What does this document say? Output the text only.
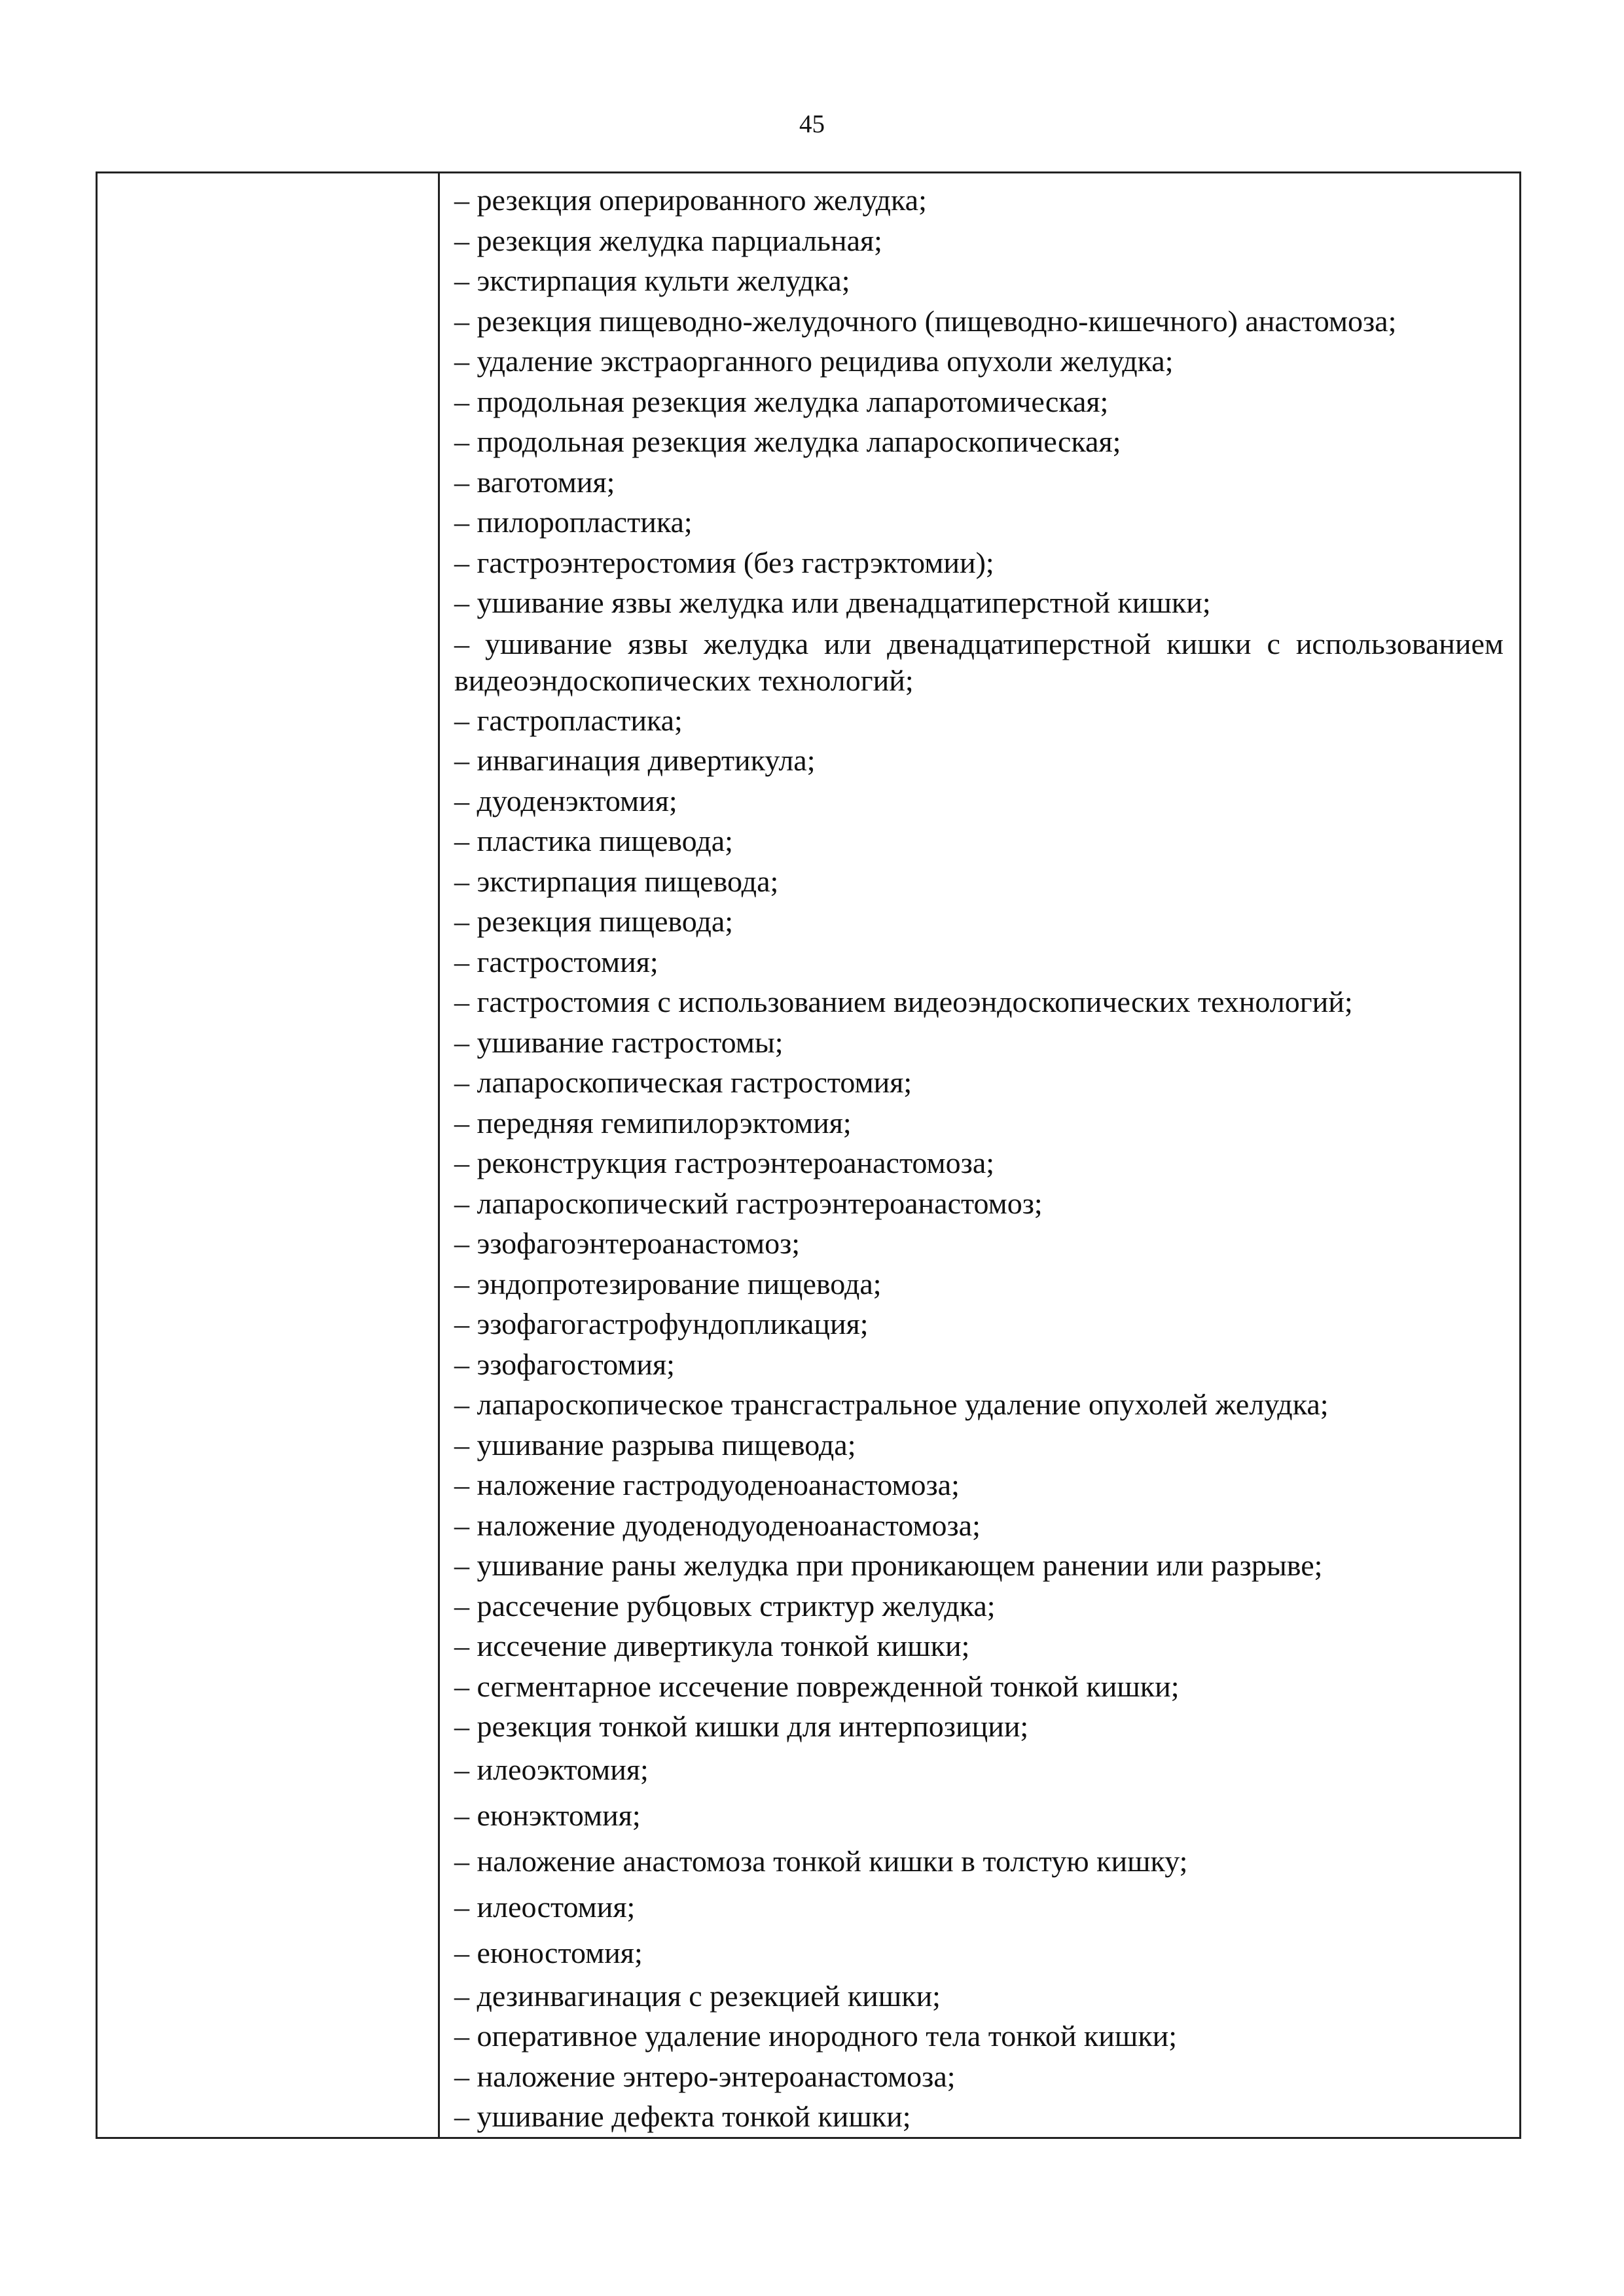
45

– резекция оперированного желудка;
– резекция желудка парциальная;
– экстирпация культи желудка;
– резекция пищеводно-желудочного (пищеводно-кишечного) анастомоза;
– удаление экстраорганного рецидива опухоли желудка;
– продольная резекция желудка лапаротомическая;
– продольная резекция желудка лапароскопическая;
– ваготомия;
– пилоропластика;
– гастроэнтеростомия (без гастрэктомии);
– ушивание язвы желудка или двенадцатиперстной кишки;
– ушивание язвы желудка или двенадцатиперстной кишки с использованием видеоэндоскопических технологий;
– гастропластика;
– инвагинация дивертикула;
– дуоденэктомия;
– пластика пищевода;
– экстирпация пищевода;
– резекция пищевода;
– гастростомия;
– гастростомия с использованием видеоэндоскопических технологий;
– ушивание гастростомы;
– лапароскопическая гастростомия;
– передняя гемипилорэктомия;
– реконструкция гастроэнтероанастомоза;
– лапароскопический гастроэнтероанастомоз;
– эзофагоэнтероанастомоз;
– эндопротезирование пищевода;
– эзофагогастрофундопликация;
– эзофагостомия;
– лапароскопическое трансгастральное удаление опухолей желудка;
– ушивание разрыва пищевода;
– наложение гастродуоденоанастомоза;
– наложение дуоденодуоденоанастомоза;
– ушивание раны желудка при проникающем ранении или разрыве;
– рассечение рубцовых стриктур желудка;
– иссечение дивертикула тонкой кишки;
– сегментарное иссечение поврежденной тонкой кишки;
– резекция тонкой кишки для интерпозиции;
– илеоэктомия;
– еюнэктомия;
– наложение анастомоза тонкой кишки в толстую кишку;
– илеостомия;
– еюностомия;
– дезинвагинация с резекцией кишки;
– оперативное удаление инородного тела тонкой кишки;
– наложение энтеро-энтероанастомоза;
– ушивание дефекта тонкой кишки;
